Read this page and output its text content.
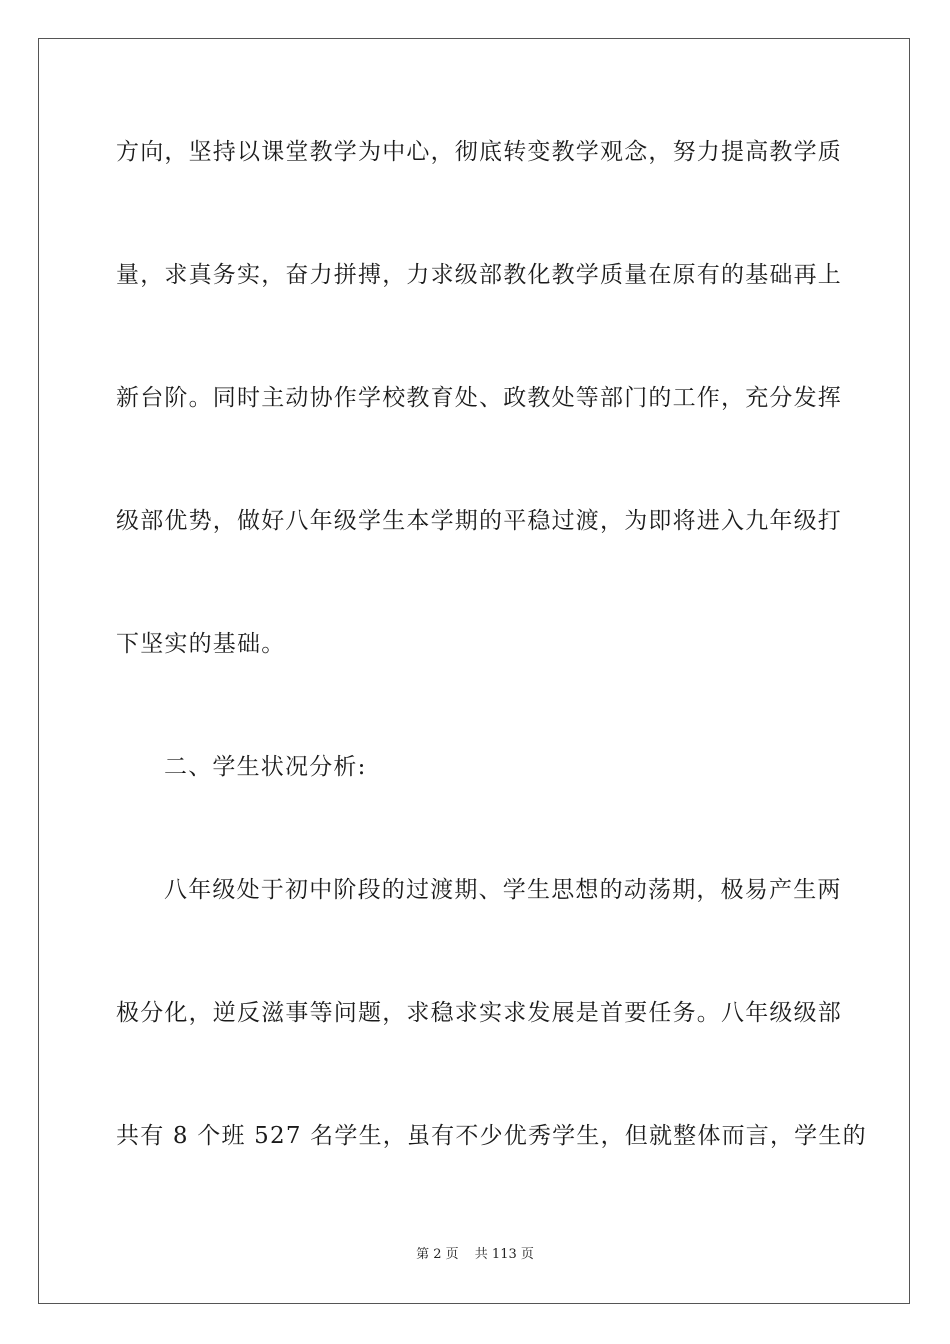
方向，坚持以课堂教学为中心，彻底转变教学观念，努力提高教学质
量，求真务实，奋力拼搏，力求级部教化教学质量在原有的基础再上
新台阶。同时主动协作学校教育处、政教处等部门的工作，充分发挥
级部优势，做好八年级学生本学期的平稳过渡，为即将进入九年级打
下坚实的基础。
二、学生状况分析:
八年级处于初中阶段的过渡期、学生思想的动荡期，极易产生两
极分化，逆反滋事等问题，求稳求实求发展是首要任务。八年级级部
共有 8 个班 527 名学生，虽有不少优秀学生，但就整体而言，学生的
第 2 页 共 113 页
